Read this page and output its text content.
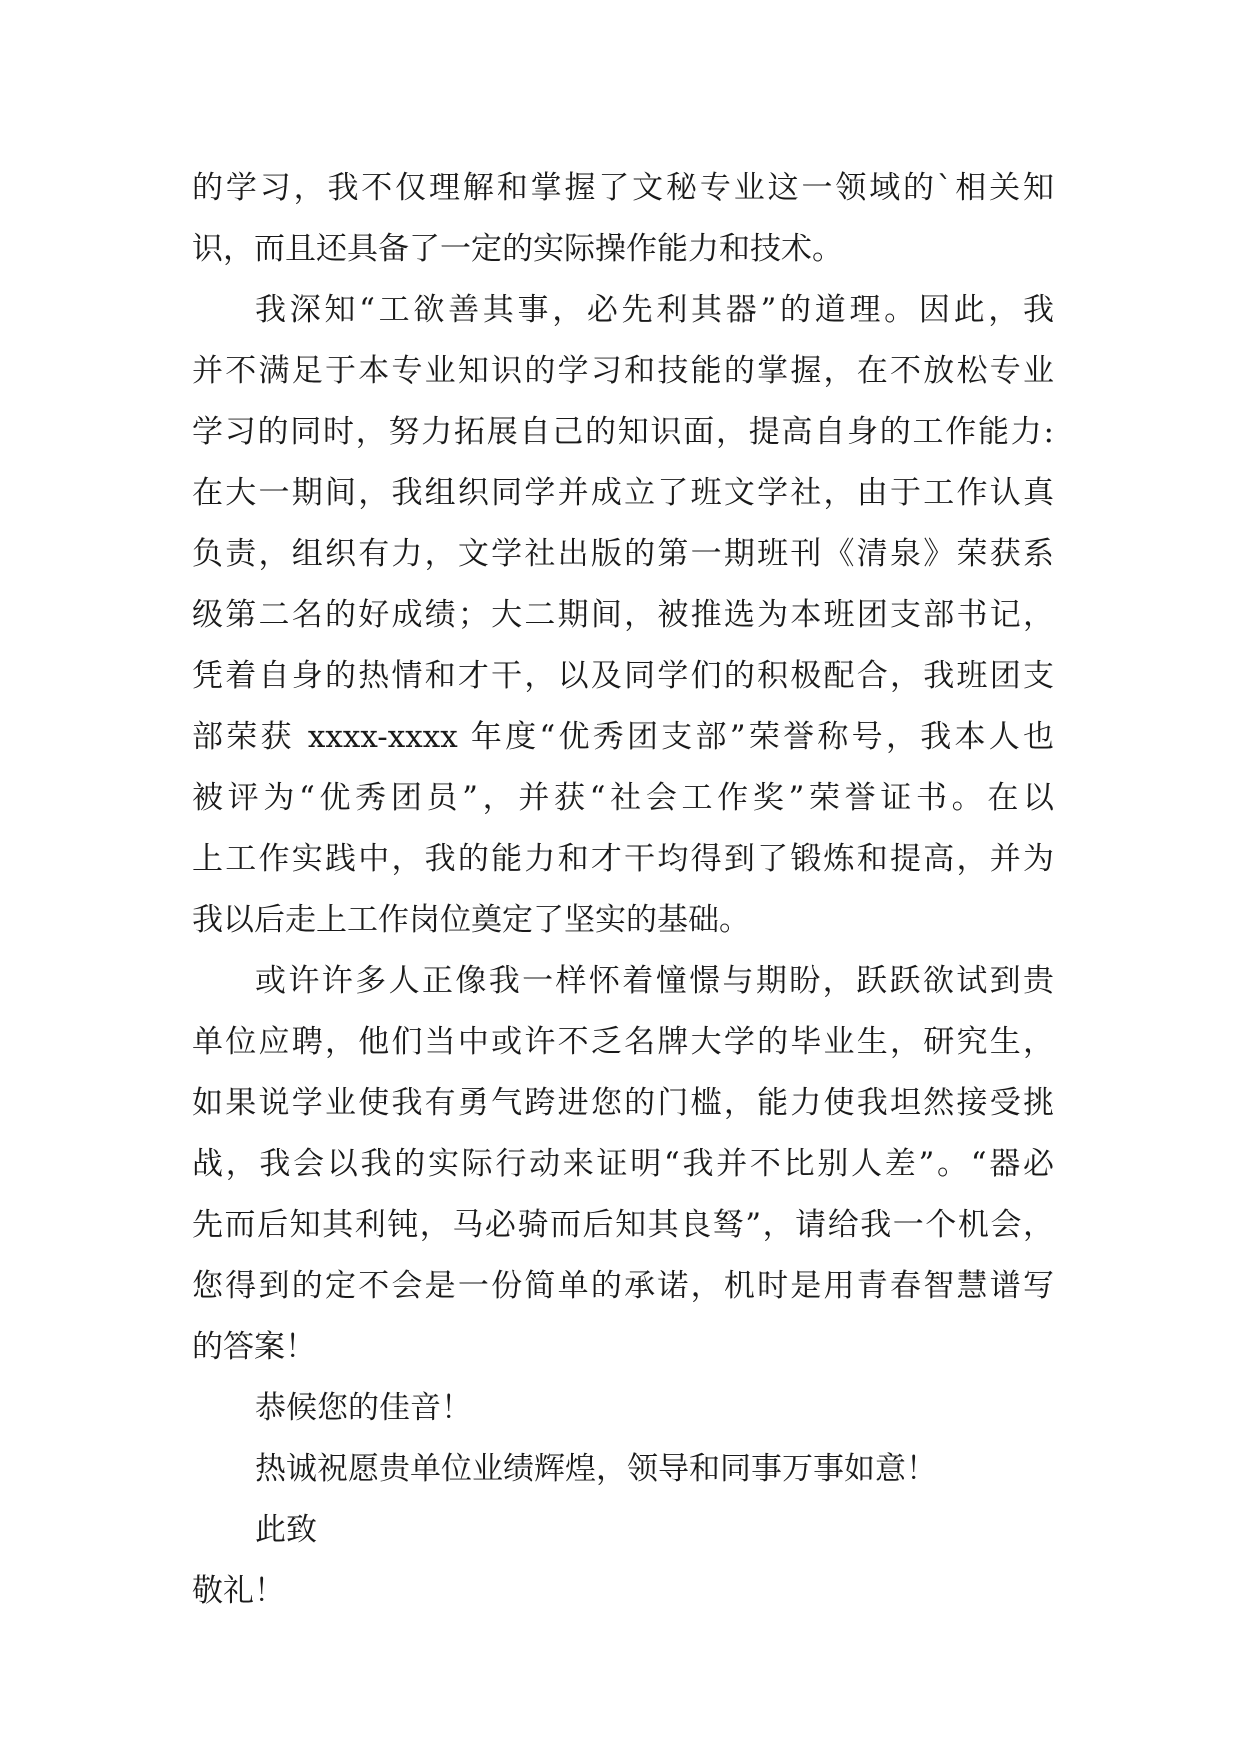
的学习，我不仅理解和掌握了文秘专业这一领域的`相关知
识，而且还具备了一定的实际操作能力和技术。
我深知“工欲善其事，必先利其器”的道理。因此，我
并不满足于本专业知识的学习和技能的掌握，在不放松专业
学习的同时，努力拓展自己的知识面，提高自身的工作能力:
在大一期间，我组织同学并成立了班文学社，由于工作认真
负责，组织有力，文学社出版的第一期班刊《清泉》荣获系
级第二名的好成绩；大二期间，被推选为本班团支部书记，
凭着自身的热情和才干，以及同学们的积极配合，我班团支
部荣获 xxxx-xxxx 年度“优秀团支部”荣誉称号，我本人也
被评为“优秀团员”，并获“社会工作奖”荣誉证书。在以
上工作实践中，我的能力和才干均得到了锻炼和提高，并为
我以后走上工作岗位奠定了坚实的基础。
或许许多人正像我一样怀着憧憬与期盼，跃跃欲试到贵
单位应聘，他们当中或许不乏名牌大学的毕业生，研究生，
如果说学业使我有勇气跨进您的门槛，能力使我坦然接受挑
战，我会以我的实际行动来证明“我并不比别人差”。“器必
先而后知其利钝，马必骑而后知其良驽”，请给我一个机会，
您得到的定不会是一份简单的承诺，机时是用青春智慧谱写
的答案！
恭候您的佳音！
热诚祝愿贵单位业绩辉煌，领导和同事万事如意！
此致
敬礼！
